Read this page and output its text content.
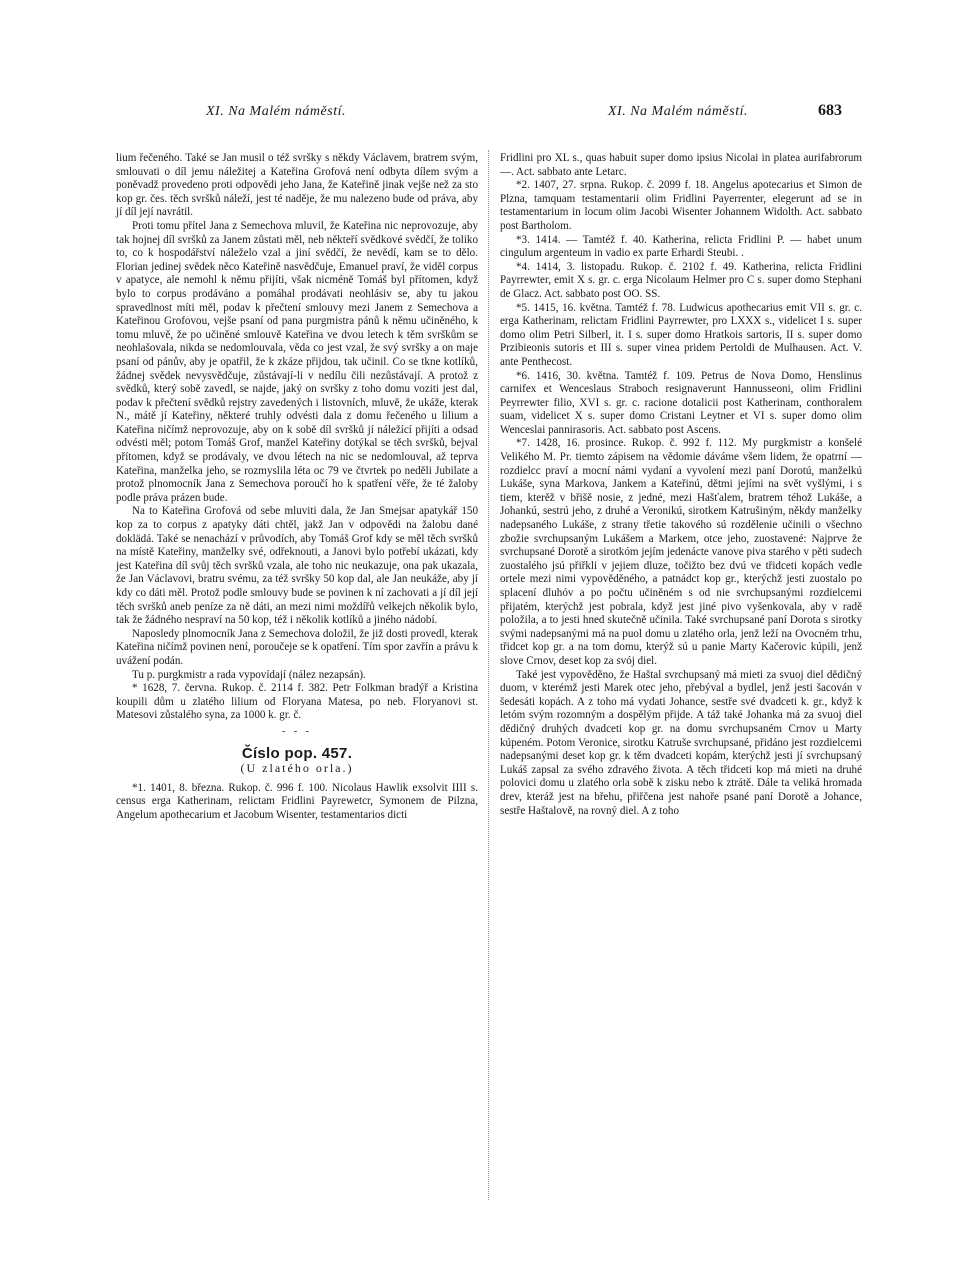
XI. Na Malém náměstí.	XI. Na Malém náměstí.	683

lium řečeného. Také se Jan musil o též svršky s někdy Václavem, bratrem svým, smlouvati o díl jemu náležitej a Kateřina Grofová není odbyta dílem svým a poněvadž provedeno proti odpovědi jeho Jana, že Kateřině jinak vejše než za sto kop gr. čes. těch svršků náleží, jest té naděje, že mu nalezeno bude od práva, aby jí díl její navrátil.

Proti tomu přítel Jana z Semechova mluvil, že Kateřina nic neprovozuje, aby tak hojnej díl svršků za Janem zůstati měl, neb někteří svědkové svědčí, že toliko to, co k hospodářství náleželo vzal a jiní svědčí, že nevědí, kam se to dělo. Florian jedinej svědek něco Kateřině nasvědčuje, Emanuel praví, že viděl corpus v apatyce, ale nemohl k němu přijíti, však nicméně Tomáš byl přítomen, když bylo to corpus prodáváno a pomáhal prodávati neohlásiv se, aby tu jakou spravedlnost míti měl, podav k přečtení smlouvy mezi Janem z Semechova a Kateřinou Grofovou, vejše psaní od pana purgmistra pánů k němu učiněného, k tomu mluvě, že po učiněné smlouvě Kateřina ve dvou letech k těm svrškům se neohlašovala, nikda se nedomlouvala, věda co jest vzal, že svý svršky a on maje psaní od pánův, aby je opatřil, že k zkáze přijdou, tak učinil. Co se tkne kotlíků, žádnej svědek nevysvědčuje, zůstávají-li v nedílu čili nezůstávají. A protož z svědků, který sobě zavedl, se najde, jaký on svršky z toho domu voziti jest dal, podav k přečtení svědků rejstry zavedených i listovních, mluvě, že ukáže, kterak N., mátě jí Kateřiny, některé truhly odvésti dala z domu řečeného u lilium a Kateřina ničímž neprovozuje, aby on k sobě díl svršků jí náležící přijíti a odsad odvésti měl; potom Tomáš Grof, manžel Kateřiny dotýkal se těch svršků, bejval přítomen, když se prodávaly, ve dvou létech na nic se nedomlouval, až teprva Kateřina, manželka jeho, se rozmyslila léta oc 79 ve čtvrtek po neděli Jubilate a protož plnomocník Jana z Semechova poroučí ho k spatření věře, že té žaloby podle práva prázen bude.

Na to Kateřina Grofová od sebe mluviti dala, že Jan Smejsar apatykář 150 kop za to corpus z apatyky dáti chtěl, jakž Jan v odpovědi na žalobu dané doklädá. Také se nenachází v průvodích, aby Tomáš Grof kdy se měl těch svršků na místě Kateřiny, manželky své, odřeknouti, a Janovi bylo potřebí ukázati, kdy jest Kateřina díl svůj těch svršků vzala, ale toho nic neukazuje, ona pak ukazala, že Jan Václavovi, bratru svému, za též svršky 50 kop dal, ale Jan neukáže, aby jí kdy co dáti měl. Protož podle smlouvy bude se povinen k ní zachovati a jí díl její těch svršků aneb peníze za ně dáti, an mezi nimi moždířů velkejch několik bylo, tak že žádného nespraví na 50 kop, též i několik kotlíků a jiného nádobí.

Naposledy plnomocník Jana z Semechova doložil, že již dosti provedl, kterak Kateřina ničímž povinen není, poroučeje se k opatření. Tím spor zavřín a právu k uvážení podán.

Tu p. purgkmistr a rada vypovídají (nález nezapsán).

* 1628, 7. června. Rukop. č. 2114 f. 382. Petr Folkman bradýř a Kristina koupili dům u zlatého lilium od Floryana Matesa, po neb. Floryanovi st. Matesovi zůstalého syna, za 1000 k. gr. č.

- - -
Číslo pop. 457.
(U zlatého orla.)

*1. 1401, 8. března. Rukop. č. 996 f. 100. Nicolaus Hawlik exsolvit IIII s. census erga Katherinam, relictam Fridlini Payrewetcr, Symonem de Pilzna, Angelum apothecarium et Jacobum Wisenter, testamentarios dicti

Fridlini pro XL s., quas habuit super domo ipsius Nicolai in platea aurifabrorum —. Act. sabbato ante Letarc.

*2. 1407, 27. srpna. Rukop. č. 2099 f. 18. Angelus apotecarius et Simon de Plzna, tamquam testamentarii olim Fridlini Payerrenter, elegerunt ad se in testamentarium in locum olim Jacobi Wisenter Johannem Widolth. Act. sabbato post Bartholom.

*3. 1414. — Tamtéž f. 40. Katherina, relicta Fridlini P. — habet unum cingulum argenteum in vadio ex parte Erhardi Steubi. .

*4. 1414, 3. listopadu. Rukop. č. 2102 f. 49. Katherina, relicta Fridlini Payrrewter, emit X s. gr. c. erga Nicolaum Helmer pro C s. super domo Stephani de Glacz. Act. sabbato post OO. SS.

*5. 1415, 16. května. Tamtéž f. 78. Ludwicus apothecarius emit VII s. gr. c. erga Katherinam, relictam Fridlini Payrrewter, pro LXXX s., videlicet I s. super domo olim Petri Silberl, it. I s. super domo Hratkois sartoris, II s. super domo Przibieonis sutoris et III s. super vinea pridem Pertoldi de Mulhausen. Act. V. ante Penthecost.

*6. 1416, 30. května. Tamtéž f. 109. Petrus de Nova Domo, Henslinus carnifex et Wenceslaus Straboch resignaverunt Hannusseoni, olim Fridlini Peyrrewter filio, XVI s. gr. c. racione dotalicii post Katherinam, conthoralem suam, videlicet X s. super domo Cristani Leytner et VI s. super domo olim Wenceslai pannirasoris. Act. sabbato post Ascens.

*7. 1428, 16. prosince. Rukop. č. 992 f. 112. My purgkmistr a konšelé Velikého M. Pr. tiemto zápisem na vědomie dáváme všem lidem, že opatrní — rozdielcc praví a mocní námi vydaní a vyvolení mezi paní Dorotú, manželkú Lukáše, syna Markova, Jankem a Kateřinú, dětmi jejími na svět vyšlými, i s tiem, kterěž v břišě nosie, z jedné, mezi Hašťalem, bratrem téhož Lukáše, a Johankú, sestrú jeho, z druhé a Veronikú, sirotkem Katrušiným, někdy manželky nadepsaného Lukáše, z strany třetie takového sú rozdělenie učinili o všechno zbožie svrchupsaným Lukášem a Markem, otce jeho, zuostavené: Najprve že svrchupsané Dorotě a sirotkóm jejím jedenácte vanove piva starého v pěti sudech zuostalého jsú přiřkli v jejiem dluze, točižto bez dvú ve třidceti kopách vedle ortele mezi nimi vypověděného, a patnádct kop gr., kterýchž jesti zuostalo po splacení dluhóv a po počtu učiněném s od nie svrchupsanými rozdielcemi přijatém, kterýchž jest pobrala, když jest jiné pivo vyšenkovala, aby v radě položila, a to jesti hned skutečně učinila. Také svrchupsané paní Dorota s sirotky svými nadepsanými má na puol domu u zlatého orla, jenž leží na Ovocném trhu, třidcet kop gr. a na tom domu, kterýž sú u panie Marty Kačerovic kúpili, jenž slove Crnov, deset kop za svój diel.

Také jest vypověděno, že Haštal svrchupsaný má mieti za svuoj diel dědičný duom, v kterémž jesti Marek otec jeho, přebýval a bydlel, jenž jesti šacován v šedesáti kopách. A z toho má vydati Johance, sestře své dvadceti k. gr., když k letóm svým rozomným a dospělým přijde. A táž také Johanka má za svuoj diel dědičný druhých dvadceti kop gr. na domu svrchupsaném Crnov u Marty kúpeném. Potom Veronice, sirotku Katruše svrchupsané, přidáno jest rozdielcemi nadepsanými deset kop gr. k těm dvadceti kopám, kterýchž jesti jí svrchupsaný Lukáš zapsal za svého zdravého života. A těch třidceti kop má mieti na druhé polovici domu u zlatého orla sobě k zisku nebo k ztrátě. Dále ta veliká hromada drev, kteráž jest na břehu, přiřčena jest nahoře psané paní Dorotě a Johance, sestře Haštalově, na rovný diel. A z toho
